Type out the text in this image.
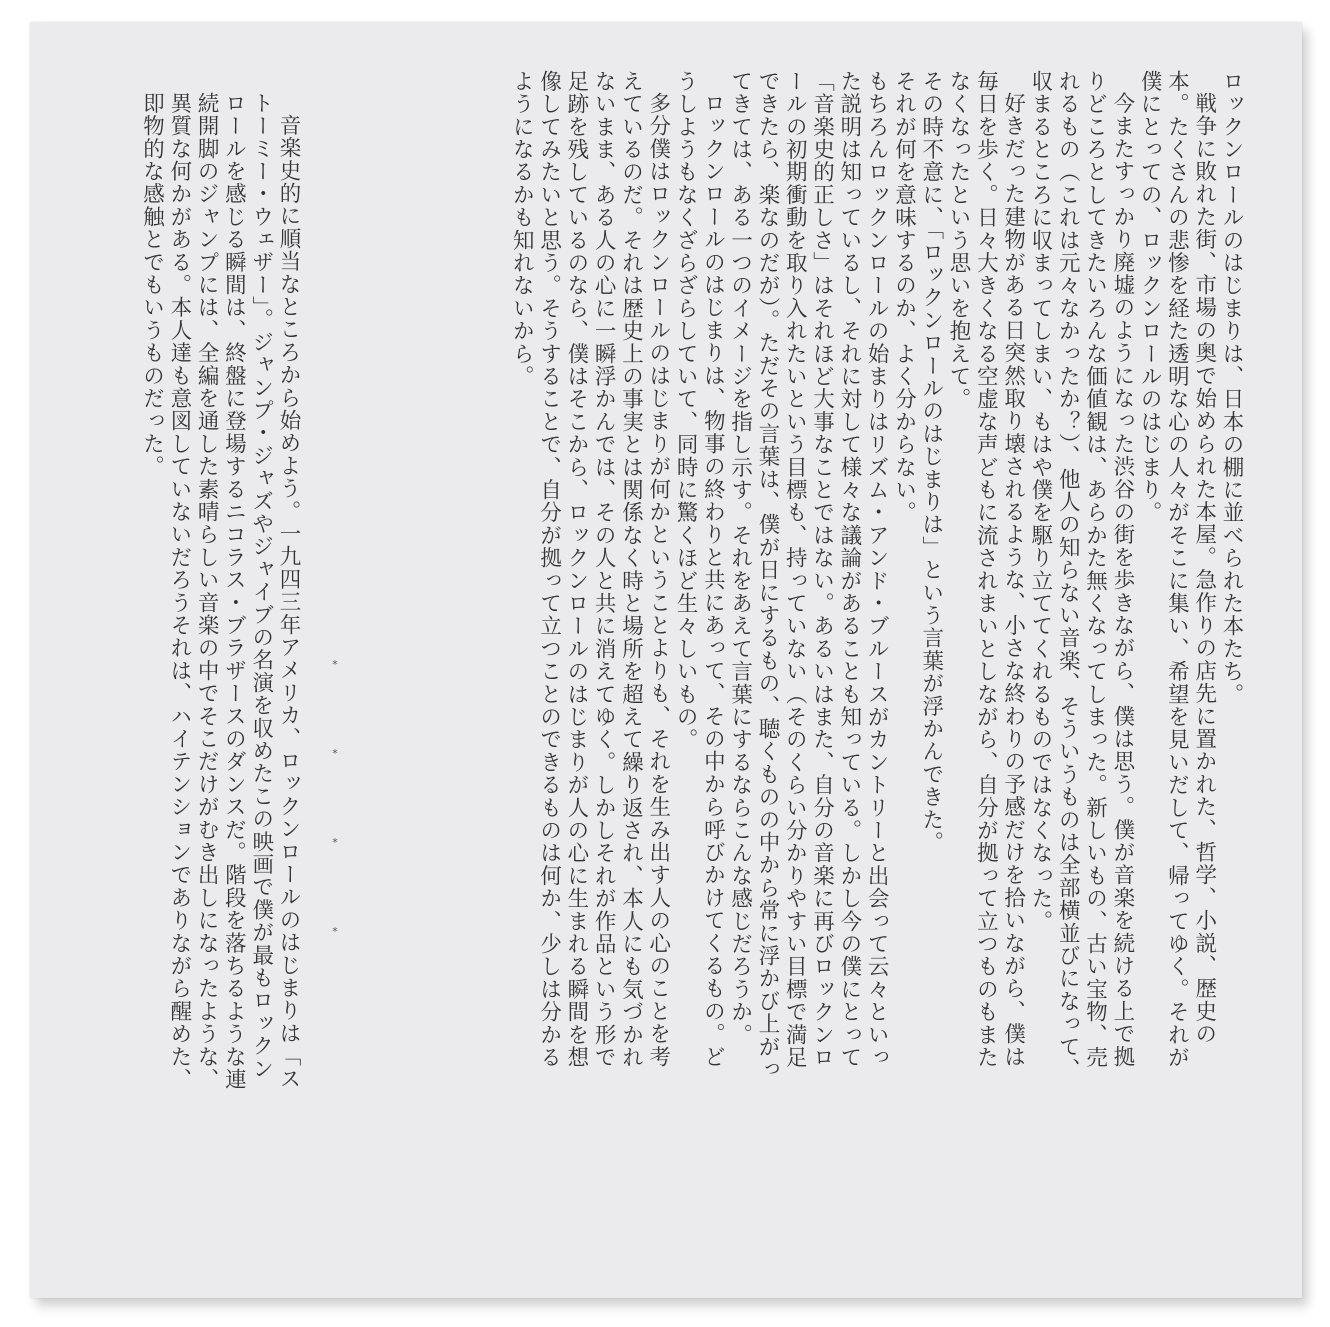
ロックンロールのはじまりは、日本の棚に並べられた本たち。

戦争に敗れた街、市場の奥で始められた本屋。急作りの店先に置かれた、哲学、小説、歴史の本。たくさんの悲惨を経た透明な心の人々がそこに集い、希望を見いだして、帰ってゆく。それが僕にとっての、ロックンロールのはじまり。

今またすっかり廃墟のようになった渋谷の街を歩きながら、僕は思う。僕が音楽を続ける上で拠りどころとしてきたいろんな価値観は、あらかた無くなってしまった。新しいもの、古い宝物、売れるもの（これは元々なかったか？）、他人の知らない音楽、そういうものは全部横並びになって、収まるところに収まってしまい、もはや僕を駆り立ててくれるものではなくなった。

好きだった建物がある日突然取り壊されるような、小さな終わりの予感だけを拾いながら、僕は毎日を歩く。日々大きくなる空虚な声どもに流されまいとしながら、自分が拠って立つものもまたなくなったという思いを抱えて。

その時不意に、「ロックンロールのはじまりは」という言葉が浮かんできた。

それが何を意味するのか、よく分からない。

もちろんロックンロールの始まりはリズム・アンド・ブルースがカントリーと出会って云々といった説明は知っているし、それに対して様々な議論があることも知っている。しかし今の僕にとって「音楽史的正しさ」はそれほど大事なことではない。あるいはまた、自分の音楽に再びロックンロールの初期衝動を取り入れたいという目標も、持っていない（そのくらい分かりやすい目標で満足できたら、楽なのだが）。ただその言葉は、僕が日にするもの、聴くものの中から常に浮かび上がってきては、ある一つのイメージを指し示す。それをあえて言葉にするならこんな感じだろうか。

ロックンロールのはじまりは、物事の終わりと共にあって、その中から呼びかけてくるもの。どうしようもなくざらざらしていて、同時に驚くほど生々しいもの。

多分僕はロックンロールのはじまりが何かということよりも、それを生み出す人の心のことを考えているのだ。それは歴史上の事実とは関係なく時と場所を超えて繰り返され、本人にも気づかれないまま、ある人の心に一瞬浮かんでは、その人と共に消えてゆく。しかしそれが作品という形で足跡を残しているのなら、僕はそこから、ロックンロールのはじまりが人の心に生まれる瞬間を想像してみたいと思う。そうすることで、自分が拠って立つことのできるものは何か、少しは分かるようになるかも知れないから。

*
*
*
*

音楽史的に順当なところから始めよう。一九四三年アメリカ、ロックンロールのはじまりは「ストーミー・ウェザー」。ジャンプ・ジャズやジャイブの名演を収めたこの映画で僕が最もロックンロールを感じる瞬間は、終盤に登場するニコラス・ブラザースのダンスだ。階段を落ちるような連続開脚のジャンプには、全編を通した素晴らしい音楽の中でそこだけがむき出しになったような、異質な何かがある。本人達も意図していないだろうそれは、ハイテンションでありながら醒めた、即物的な感触とでもいうものだった。
